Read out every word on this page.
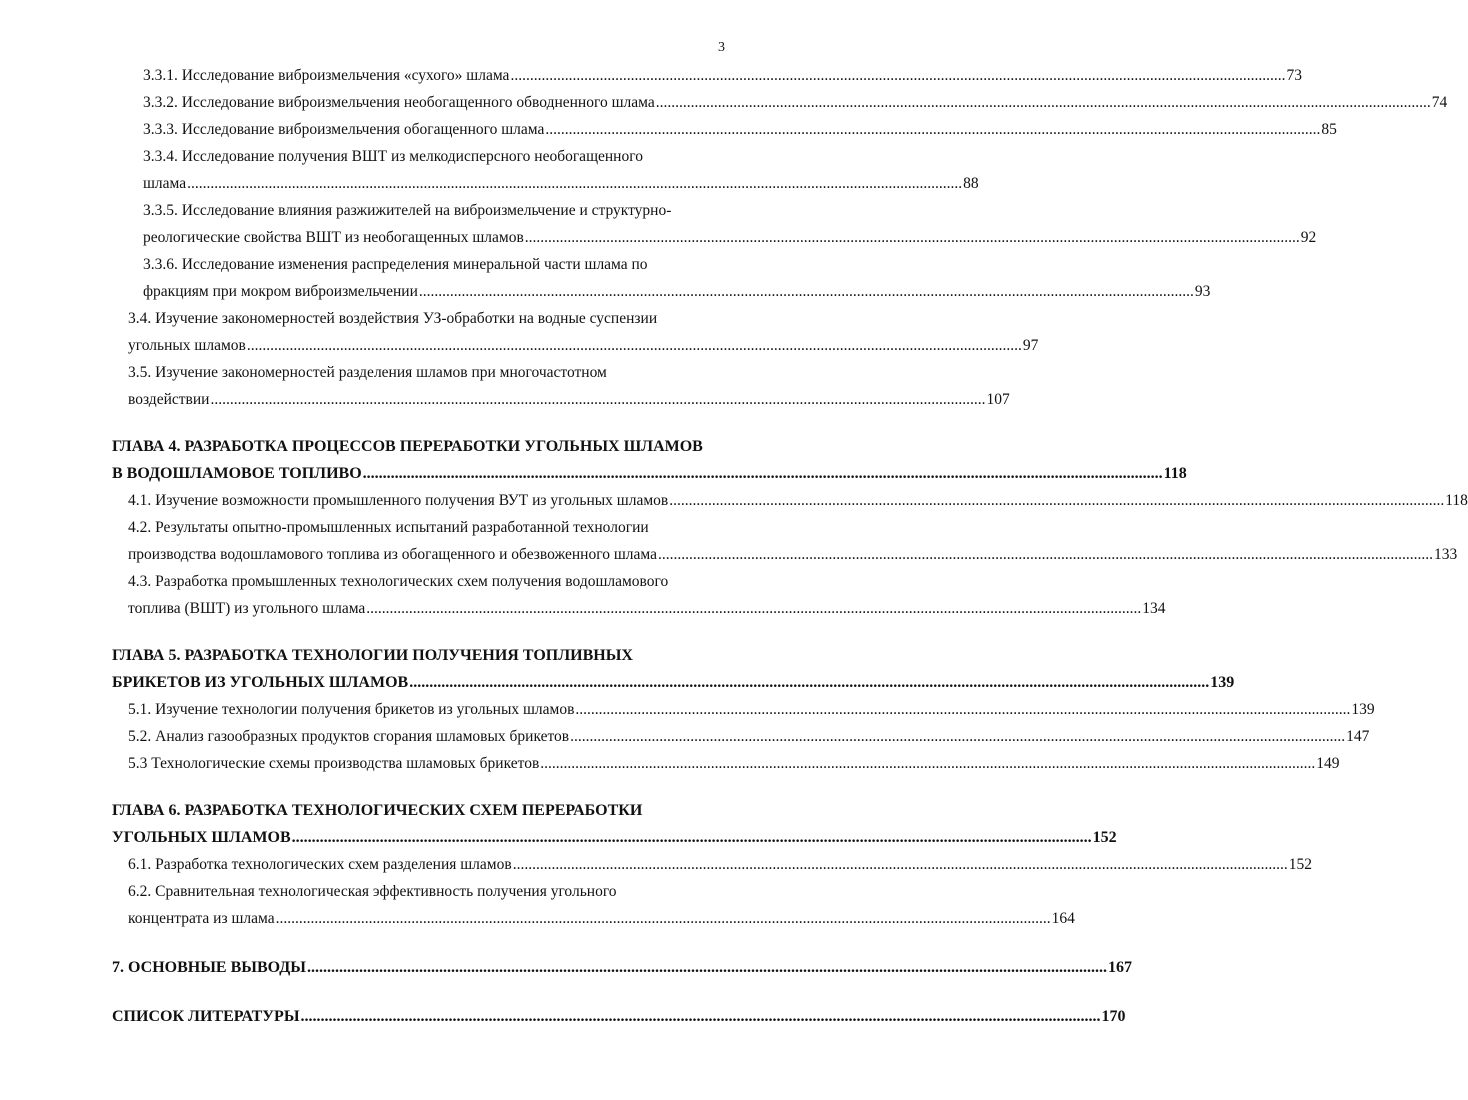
3
3.3.1. Исследование виброизмельчения «сухого» шлама ........................................................................................................................................................................................................ 73
3.3.2. Исследование виброизмельчения необогащенного обводненного шлама ........................................................................................................................................................................................................ 74
3.3.3. Исследование виброизмельчения обогащенного шлама ........................................................................................................................................................................................................ 85
3.3.4. Исследование получения ВШТ из мелкодисперсного необогащенного
шлама ........................................................................................................................................................................................................ 88
3.3.5. Исследование влияния разжижителей на виброизмельчение и структурно-
реологические свойства ВШТ из необогащенных шламов ........................................................................................................................................................................................................ 92
3.3.6. Исследование изменения распределения минеральной части шлама по
фракциям при мокром виброизмельчении ........................................................................................................................................................................................................ 93
3.4. Изучение закономерностей воздействия УЗ-обработки на водные суспензии
угольных шламов ........................................................................................................................................................................................................ 97
3.5. Изучение закономерностей разделения шламов при многочастотном
воздействии ........................................................................................................................................................................................................ 107
ГЛАВА 4. РАЗРАБОТКА ПРОЦЕССОВ ПЕРЕРАБОТКИ УГОЛЬНЫХ ШЛАМОВ
В ВОДОШЛАМОВОЕ ТОПЛИВО ........................................................................................................................................................................................................ 118
4.1. Изучение возможности промышленного получения ВУТ из угольных шламов ........................................................................................................................................................................................................ 118
4.2. Результаты опытно-промышленных испытаний разработанной технологии
производства водошламового топлива из обогащенного и обезвоженного шлама ........................................................................................................................................................................................................ 133
4.3. Разработка промышленных технологических схем получения водошламового
топлива (ВШТ) из угольного шлама ........................................................................................................................................................................................................ 134
ГЛАВА 5. РАЗРАБОТКА ТЕХНОЛОГИИ ПОЛУЧЕНИЯ ТОПЛИВНЫХ
БРИКЕТОВ ИЗ УГОЛЬНЫХ ШЛАМОВ ........................................................................................................................................................................................................ 139
5.1. Изучение технологии получения брикетов из угольных шламов ........................................................................................................................................................................................................ 139
5.2. Анализ газообразных продуктов сгорания шламовых брикетов ........................................................................................................................................................................................................ 147
5.3 Технологические схемы производства шламовых брикетов ........................................................................................................................................................................................................ 149
ГЛАВА 6. РАЗРАБОТКА ТЕХНОЛОГИЧЕСКИХ СХЕМ ПЕРЕРАБОТКИ
УГОЛЬНЫХ ШЛАМОВ ........................................................................................................................................................................................................ 152
6.1. Разработка технологических схем разделения шламов ........................................................................................................................................................................................................ 152
6.2. Сравнительная технологическая эффективность получения угольного
концентрата из шлама ........................................................................................................................................................................................................ 164
7. ОСНОВНЫЕ ВЫВОДЫ ........................................................................................................................................................................................................ 167
СПИСОК ЛИТЕРАТУРЫ ........................................................................................................................................................................................................ 170
